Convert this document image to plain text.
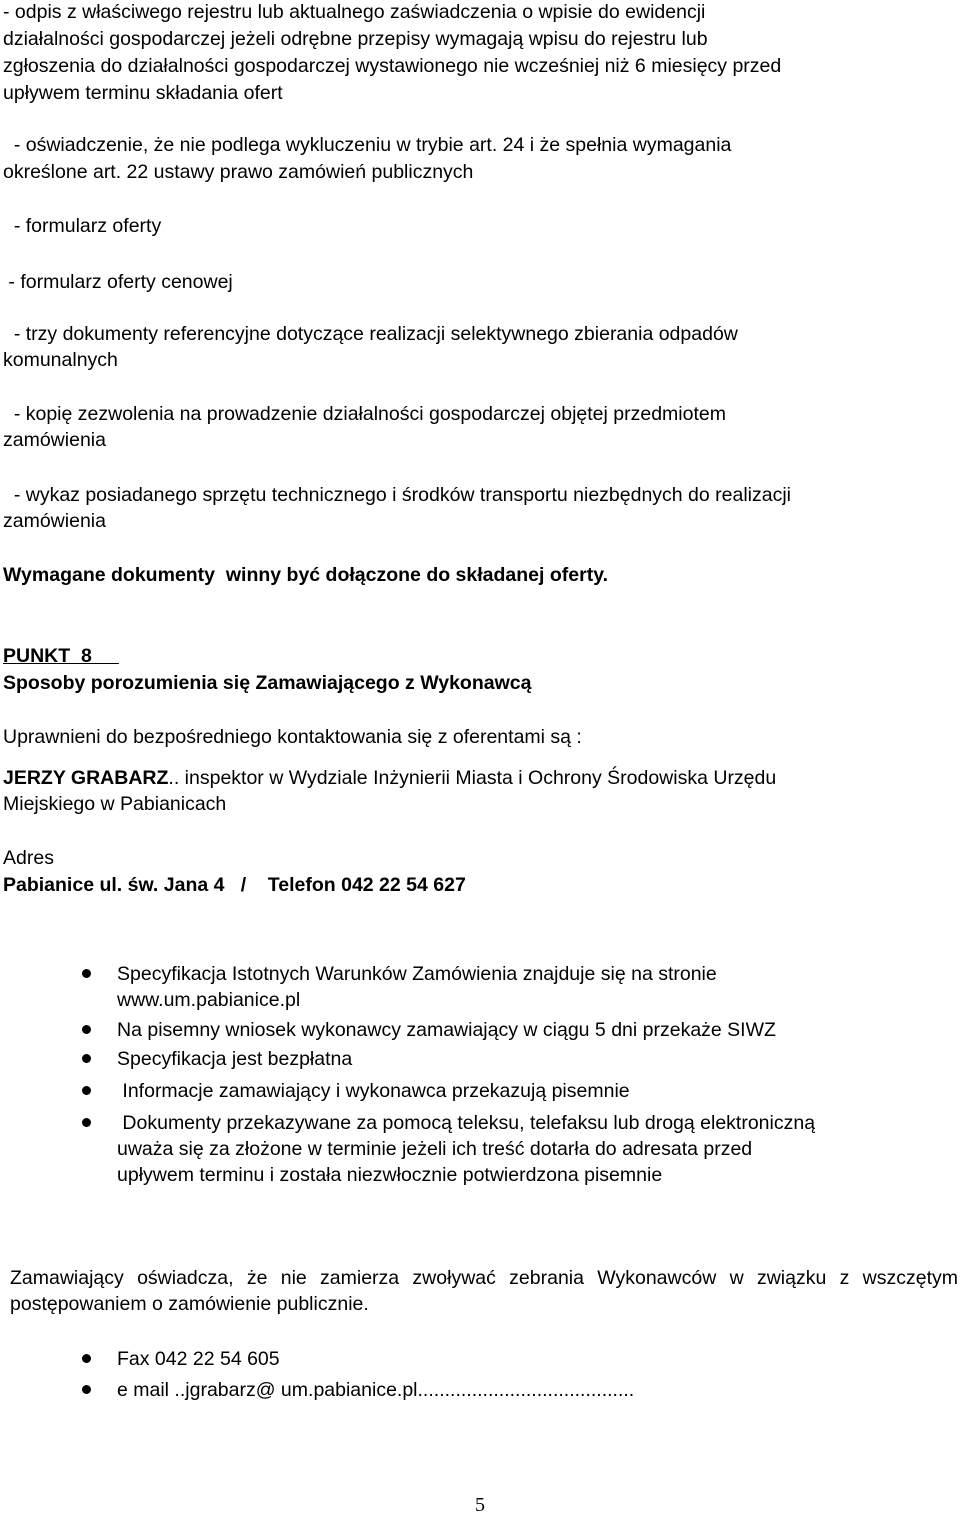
- odpis z właściwego rejestru lub aktualnego zaświadczenia o wpisie do ewidencji
działalności gospodarczej jeżeli odrębne przepisy wymagają wpisu do rejestru lub
zgłoszenia do działalności gospodarczej wystawionego nie wcześniej niż 6 miesięcy przed
upływem terminu składania ofert
- oświadczenie, że nie podlega wykluczeniu w trybie art. 24 i że spełnia wymagania
określone art. 22 ustawy prawo zamówień publicznych
- formularz oferty
- formularz oferty cenowej
- trzy dokumenty referencyjne dotyczące realizacji selektywnego zbierania odpadów
komunalnych
- kopię zezwolenia na prowadzenie działalności gospodarczej objętej przedmiotem
zamówienia
- wykaz posiadanego sprzętu technicznego i środków transportu niezbędnych do realizacji
zamówienia
Wymagane dokumenty  winny być dołączone do składanej oferty.
PUNKT  8
Sposoby porozumienia się Zamawiającego z Wykonawcą
Uprawnieni do bezpośredniego kontaktowania się z oferentami są :
JERZY GRABARZ.. inspektor w Wydziale Inżynierii Miasta i Ochrony Środowiska Urzędu
Miejskiego w Pabianicach
Adres
Pabianice ul. św. Jana 4   /    Telefon 042 22 54 627
Specyfikacja Istotnych Warunków Zamówienia znajduje się na stronie
www.um.pabianice.pl
Na pisemny wniosek wykonawcy zamawiający w ciągu 5 dni przekaże SIWZ
Specyfikacja jest bezpłatna
Informacje zamawiający i wykonawca przekazują pisemnie
Dokumenty przekazywane za pomocą teleksu, telefaksu lub drogą elektroniczną
uważa się za złożone w terminie jeżeli ich treść dotarła do adresata przed
upływem terminu i została niezwłocznie potwierdzona pisemnie
Zamawiający oświadcza, że nie zamierza zwoływać zebrania Wykonawców w związku z wszczętym postępowaniem o zamówienie publicznie.
Fax 042 22 54 605
e mail ..jgrabarz@ um.pabianice.pl........................................
5
